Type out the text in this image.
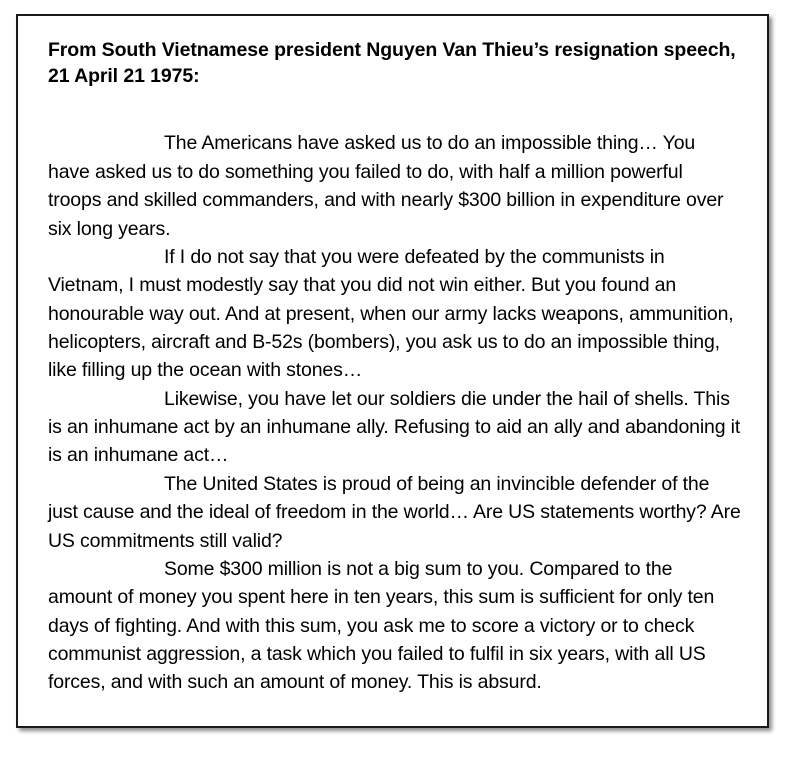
From South Vietnamese president Nguyen Van Thieu’s resignation speech, 21 April 21 1975:

The Americans have asked us to do an impossible thing… You have asked us to do something you failed to do, with half a million powerful troops and skilled commanders, and with nearly $300 billion in expenditure over six long years.

If I do not say that you were defeated by the communists in Vietnam, I must modestly say that you did not win either. But you found an honourable way out. And at present, when our army lacks weapons, ammunition, helicopters, aircraft and B-52s (bombers), you ask us to do an impossible thing, like filling up the ocean with stones…

Likewise, you have let our soldiers die under the hail of shells. This is an inhumane act by an inhumane ally. Refusing to aid an ally and abandoning it is an inhumane act…

The United States is proud of being an invincible defender of the just cause and the ideal of freedom in the world… Are US statements worthy? Are US commitments still valid?

Some $300 million is not a big sum to you. Compared to the amount of money you spent here in ten years, this sum is sufficient for only ten days of fighting. And with this sum, you ask me to score a victory or to check communist aggression, a task which you failed to fulfil in six years, with all US forces, and with such an amount of money. This is absurd.
